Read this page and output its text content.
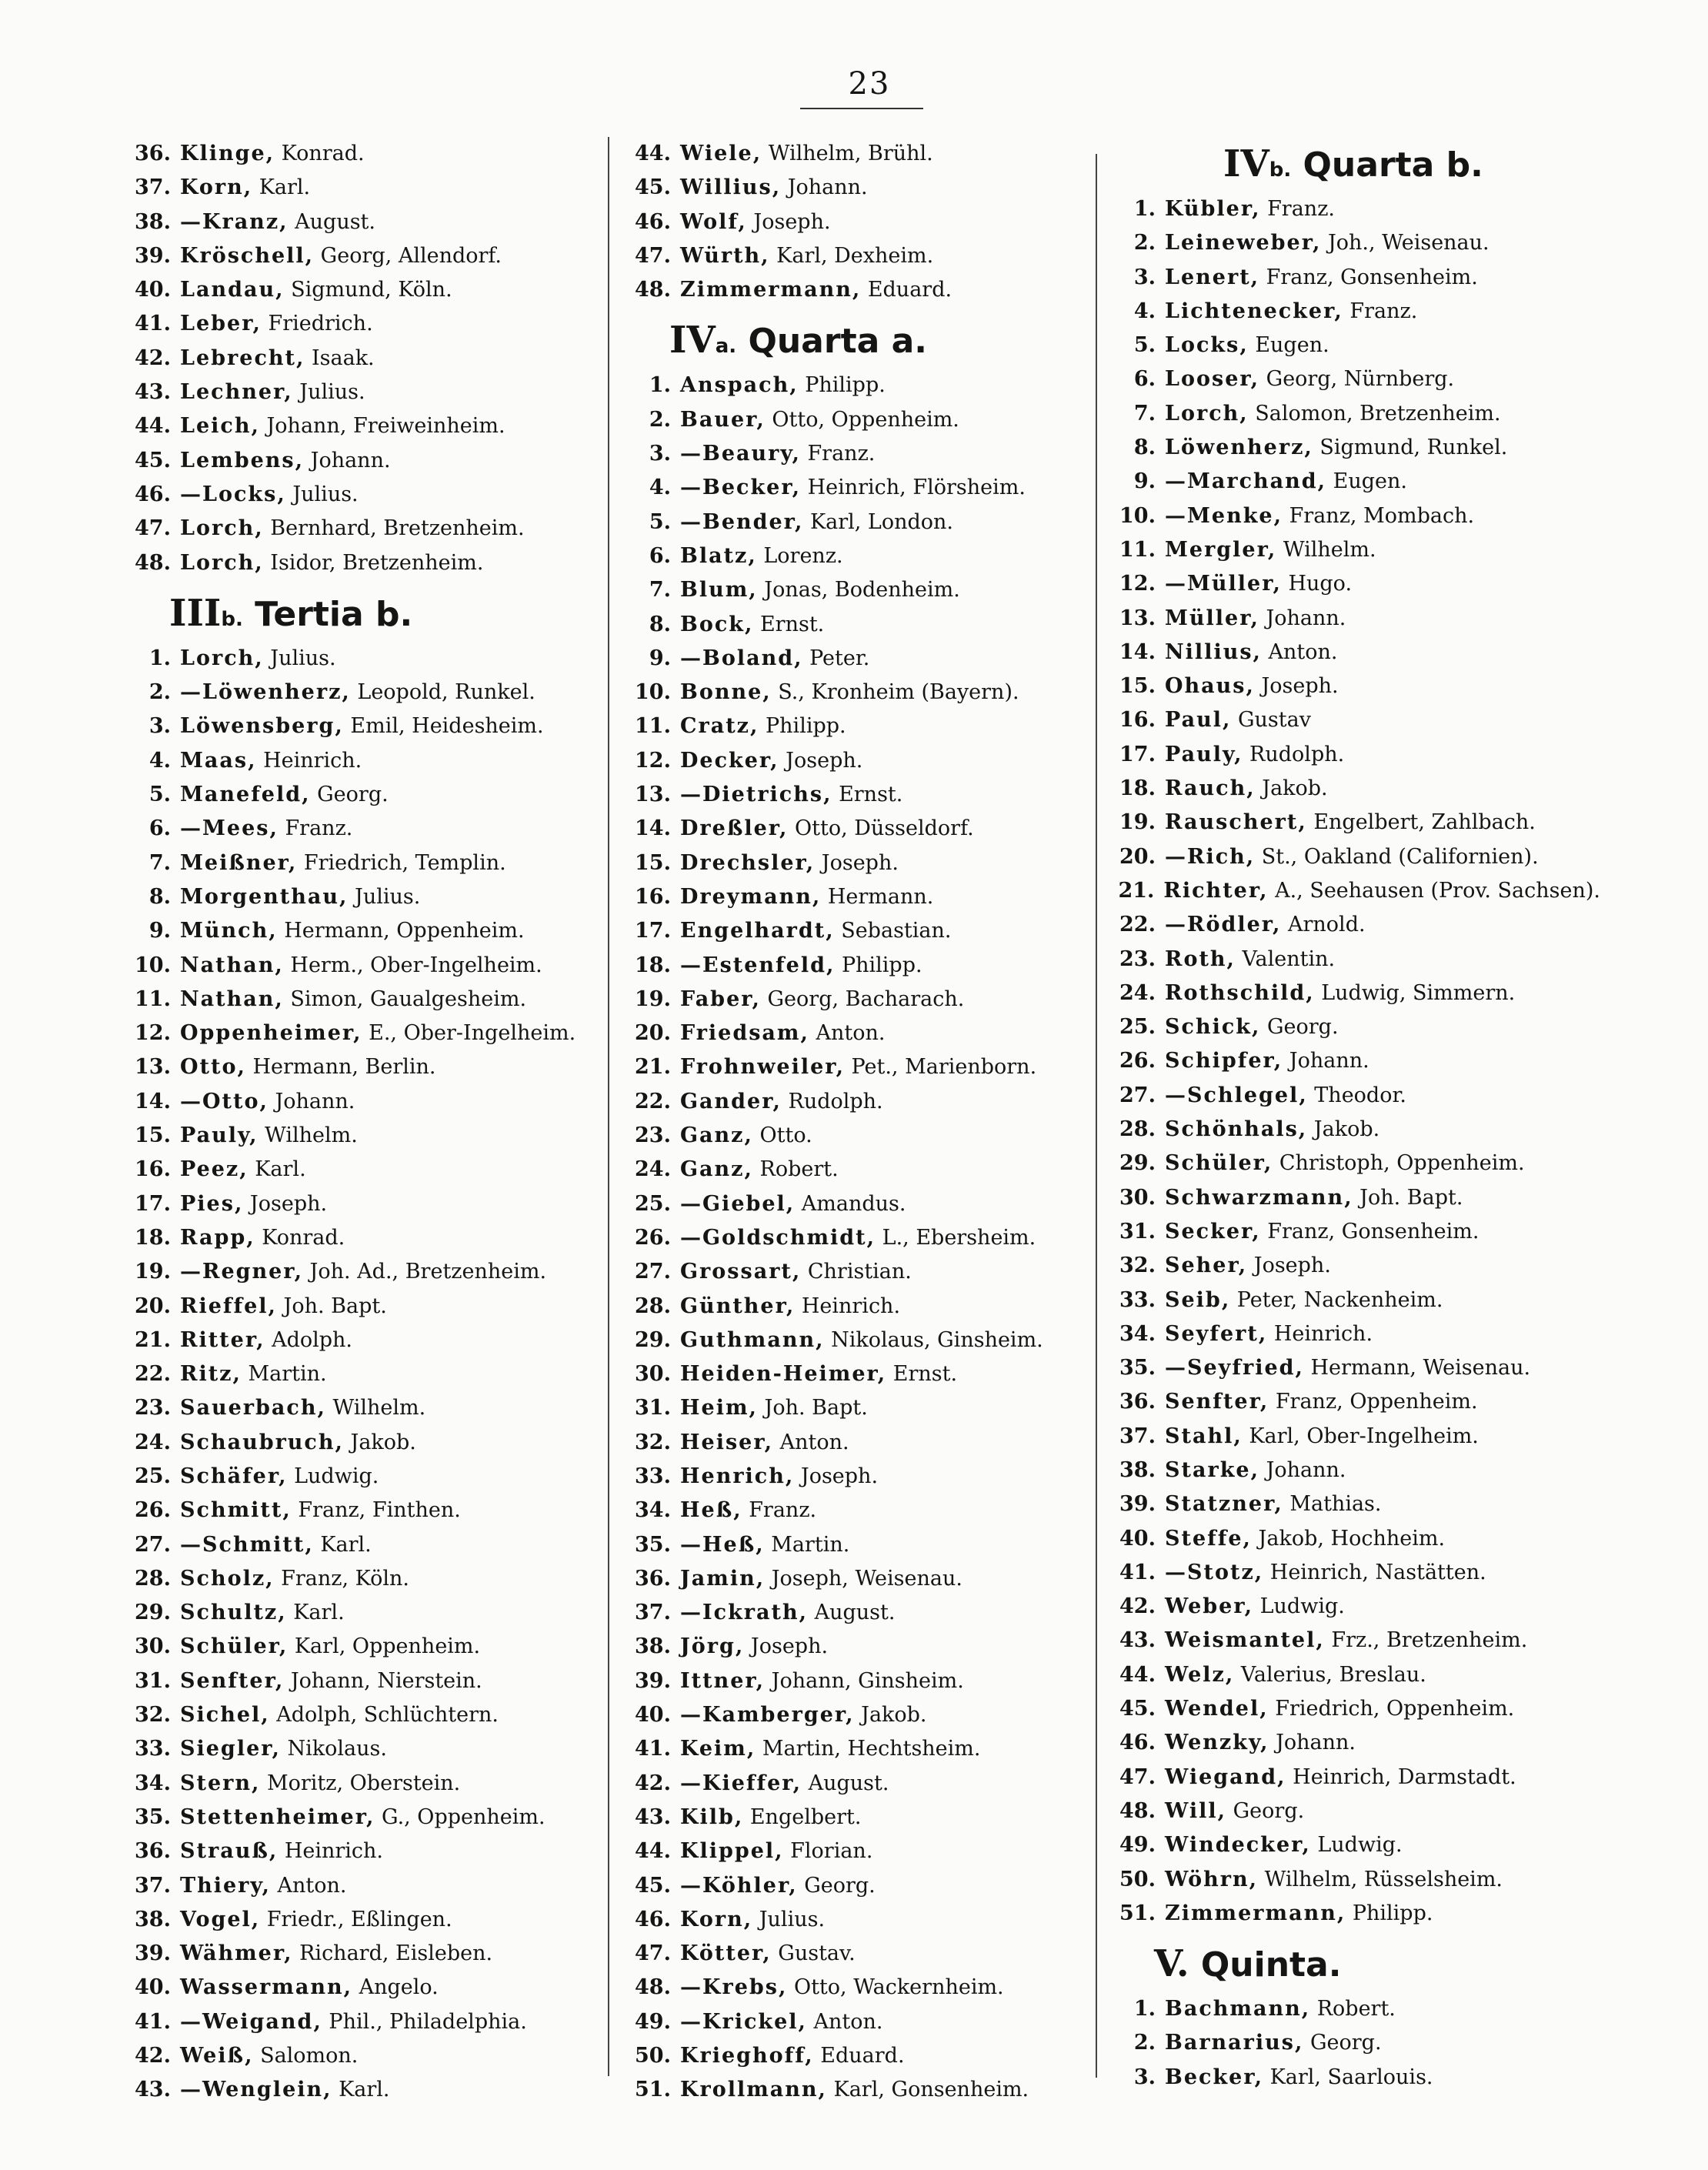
23
36. Klinge, Konrad.
37. Korn, Karl.
38. —Kranz, August.
39. Kröschell, Georg, Allendorf.
40. Landau, Sigmund, Köln.
41. Leber, Friedrich.
42. Lebrecht, Isaak.
43. Lechner, Julius.
44. Leich, Johann, Freiweinheim.
45. Lembens, Johann.
46. —Locks, Julius.
47. Lorch, Bernhard, Bretzenheim.
48. Lorch, Isidor, Bretzenheim.
IIIb. Tertia b.
1. Lorch, Julius.
2. —Löwenherz, Leopold, Runkel.
3. Löwensberg, Emil, Heidesheim.
4. Maas, Heinrich.
5. Manefeld, Georg.
6. —Mees, Franz.
7. Meißner, Friedrich, Templin.
8. Morgenthau, Julius.
9. Münch, Hermann, Oppenheim.
10. Nathan, Herm., Ober-Ingelheim.
11. Nathan, Simon, Gaualgesheim.
12. Oppenheimer, E., Ober-Ingelheim.
13. Otto, Hermann, Berlin.
14. —Otto, Johann.
15. Pauly, Wilhelm.
16. Peez, Karl.
17. Pies, Joseph.
18. Rapp, Konrad.
19. —Regner, Joh. Ad., Bretzenheim.
20. Rieffel, Joh. Bapt.
21. Ritter, Adolph.
22. Ritz, Martin.
23. Sauerbach, Wilhelm.
24. Schaubruch, Jakob.
25. Schäfer, Ludwig.
26. Schmitt, Franz, Finthen.
27. —Schmitt, Karl.
28. Scholz, Franz, Köln.
29. Schultz, Karl.
30. Schüler, Karl, Oppenheim.
31. Senfter, Johann, Nierstein.
32. Sichel, Adolph, Schlüchtern.
33. Siegler, Nikolaus.
34. Stern, Moritz, Oberstein.
35. Stettenheimer, G., Oppenheim.
36. Strauß, Heinrich.
37. Thiery, Anton.
38. Vogel, Friedr., Eßlingen.
39. Wähmer, Richard, Eisleben.
40. Wassermann, Angelo.
41. —Weigand, Phil., Philadelphia.
42. Weiß, Salomon.
43. —Wenglein, Karl.
44. Wiele, Wilhelm, Brühl.
45. Willius, Johann.
46. Wolf, Joseph.
47. Würth, Karl, Dexheim.
48. Zimmermann, Eduard.
IVa. Quarta a.
1. Anspach, Philipp.
2. Bauer, Otto, Oppenheim.
3. —Beaury, Franz.
4. —Becker, Heinrich, Flörsheim.
5. —Bender, Karl, London.
6. Blatz, Lorenz.
7. Blum, Jonas, Bodenheim.
8. Bock, Ernst.
9. —Boland, Peter.
10. Bonne, S., Kronheim (Bayern).
11. Cratz, Philipp.
12. Decker, Joseph.
13. —Dietrichs, Ernst.
14. Dreßler, Otto, Düsseldorf.
15. Drechsler, Joseph.
16. Dreymann, Hermann.
17. Engelhardt, Sebastian.
18. —Estenfeld, Philipp.
19. Faber, Georg, Bacharach.
20. Friedsam, Anton.
21. Frohnweiler, Pet., Marienborn.
22. Gander, Rudolph.
23. Ganz, Otto.
24. Ganz, Robert.
25. —Giebel, Amandus.
26. —Goldschmidt, L., Ebersheim.
27. Grossart, Christian.
28. Günther, Heinrich.
29. Guthmann, Nikolaus, Ginsheim.
30. Heiden-Heimer, Ernst.
31. Heim, Joh. Bapt.
32. Heiser, Anton.
33. Henrich, Joseph.
34. Heß, Franz.
35. —Heß, Martin.
36. Jamin, Joseph, Weisenau.
37. —Ickrath, August.
38. Jörg, Joseph.
39. Ittner, Johann, Ginsheim.
40. —Kamberger, Jakob.
41. Keim, Martin, Hechtsheim.
42. —Kieffer, August.
43. Kilb, Engelbert.
44. Klippel, Florian.
45. —Köhler, Georg.
46. Korn, Julius.
47. Kötter, Gustav.
48. —Krebs, Otto, Wackernheim.
49. —Krickel, Anton.
50. Krieghoff, Eduard.
51. Krollmann, Karl, Gonsenheim.
IVb. Quarta b.
1. Kübler, Franz.
2. Leineweber, Joh., Weisenau.
3. Lenert, Franz, Gonsenheim.
4. Lichtenecker, Franz.
5. Locks, Eugen.
6. Looser, Georg, Nürnberg.
7. Lorch, Salomon, Bretzenheim.
8. Löwenherz, Sigmund, Runkel.
9. —Marchand, Eugen.
10. —Menke, Franz, Mombach.
11. Mergler, Wilhelm.
12. —Müller, Hugo.
13. Müller, Johann.
14. Nillius, Anton.
15. Ohaus, Joseph.
16. Paul, Gustav
17. Pauly, Rudolph.
18. Rauch, Jakob.
19. Rauschert, Engelbert, Zahlbach.
20. —Rich, St., Oakland (Californien).
21. Richter, A., Seehausen (Prov. Sachsen).
22. —Rödler, Arnold.
23. Roth, Valentin.
24. Rothschild, Ludwig, Simmern.
25. Schick, Georg.
26. Schipfer, Johann.
27. —Schlegel, Theodor.
28. Schönhals, Jakob.
29. Schüler, Christoph, Oppenheim.
30. Schwarzmann, Joh. Bapt.
31. Secker, Franz, Gonsenheim.
32. Seher, Joseph.
33. Seib, Peter, Nackenheim.
34. Seyfert, Heinrich.
35. —Seyfried, Hermann, Weisenau.
36. Senfter, Franz, Oppenheim.
37. Stahl, Karl, Ober-Ingelheim.
38. Starke, Johann.
39. Statzner, Mathias.
40. Steffe, Jakob, Hochheim.
41. —Stotz, Heinrich, Nastätten.
42. Weber, Ludwig.
43. Weismantel, Frz., Bretzenheim.
44. Welz, Valerius, Breslau.
45. Wendel, Friedrich, Oppenheim.
46. Wenzky, Johann.
47. Wiegand, Heinrich, Darmstadt.
48. Will, Georg.
49. Windecker, Ludwig.
50. Wöhrn, Wilhelm, Rüsselsheim.
51. Zimmermann, Philipp.
V. Quinta.
1. Bachmann, Robert.
2. Barnarius, Georg.
3. Becker, Karl, Saarlouis.
